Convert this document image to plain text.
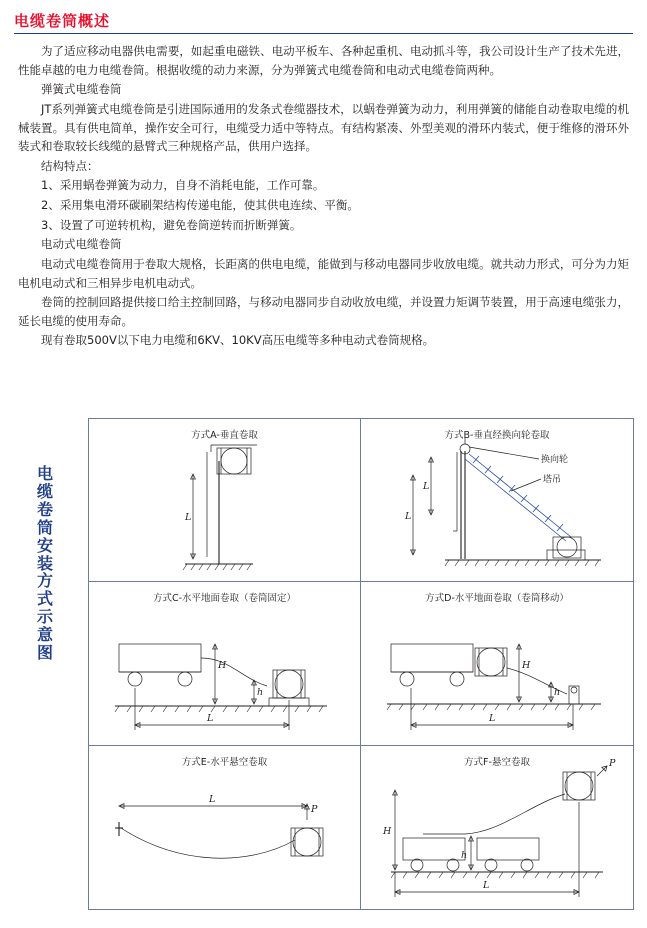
电缆卷筒概述

为了适应移动电器供电需要，如起重电磁铁、电动平板车、各种起重机、电动抓斗等，我公司设计生产了技术先进，性能卓越的电力电缆卷筒。根据收缆的动力来源，分为弹簧式电缆卷筒和电动式电缆卷筒两种。

弹簧式电缆卷筒

JT系列弹簧式电缆卷筒是引进国际通用的发条式卷缆器技术，以蜗卷弹簧为动力，利用弹簧的储能自动卷取电缆的机械装置。具有供电简单，操作安全可行，电缆受力适中等特点。有结构紧凑、外型美观的滑环内装式，便于维修的滑环外装式和卷取较长线缆的悬臂式三种规格产品，供用户选择。

结构特点：

1、采用蜗卷弹簧为动力，自身不消耗电能，工作可靠。

2、采用集电滑环碳刷架结构传递电能，使其供电连续、平衡。

3、设置了可逆转机构，避免卷筒逆转而折断弹簧。

电动式电缆卷筒

电动式电缆卷筒用于卷取大规格，长距离的供电电缆，能做到与移动电器同步收放电缆。就共动力形式，可分为力矩电机电动式和三相异步电机电动式。

卷筒的控制回路提供接口给主控制回路，与移动电器同步自动收放电缆，并设置力矩调节装置，用于高速电缆张力，延长电缆的使用寿命。

现有卷取500V以下电力电缆和6KV、10KV高压电缆等多种电动式卷筒规格。

电
缆
卷
筒
安
装
方
式
示
意
图
方式A-垂直卷取
L
方式B-垂直经换向轮卷取
换向轮
塔吊
L
L
方式C-水平地面卷取（卷筒固定）
H
h
L
方式D-水平地面卷取（卷筒移动）
H
h
L
方式E-水平悬空卷取
P
L
方式F-悬空卷取	P
H
h
L
